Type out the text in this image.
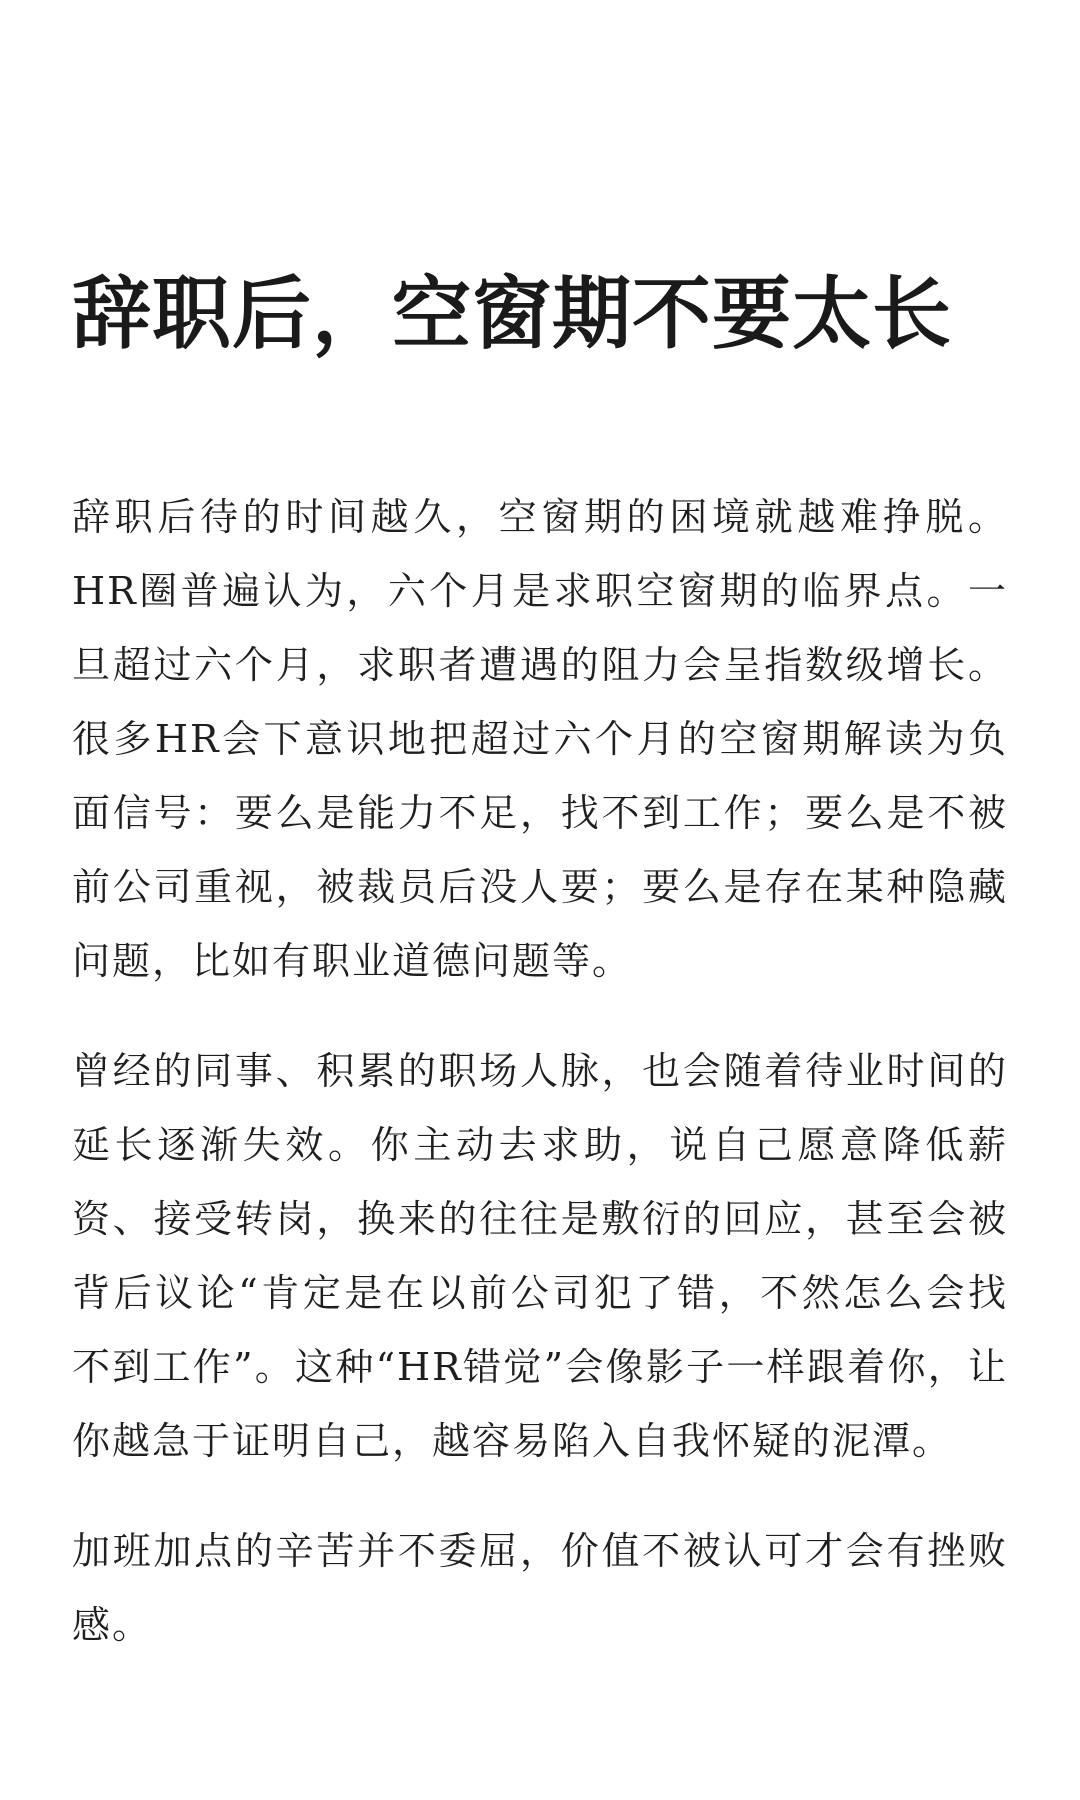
辞职后，空窗期不要太长

辞职后待的时间越久，空窗期的困境就越难挣脱。HR圈普遍认为，六个月是求职空窗期的临界点。一旦超过六个月，求职者遭遇的阻力会呈指数级增长。很多HR会下意识地把超过六个月的空窗期解读为负面信号：要么是能力不足，找不到工作；要么是不被前公司重视，被裁员后没人要；要么是存在某种隐藏问题，比如有职业道德问题等。

曾经的同事、积累的职场人脉，也会随着待业时间的延长逐渐失效。你主动去求助，说自己愿意降低薪资、接受转岗，换来的往往是敷衍的回应，甚至会被背后议论“肯定是在以前公司犯了错，不然怎么会找不到工作”。这种“HR错觉”会像影子一样跟着你，让你越急于证明自己，越容易陷入自我怀疑的泥潭。

加班加点的辛苦并不委屈，价值不被认可才会有挫败感。
